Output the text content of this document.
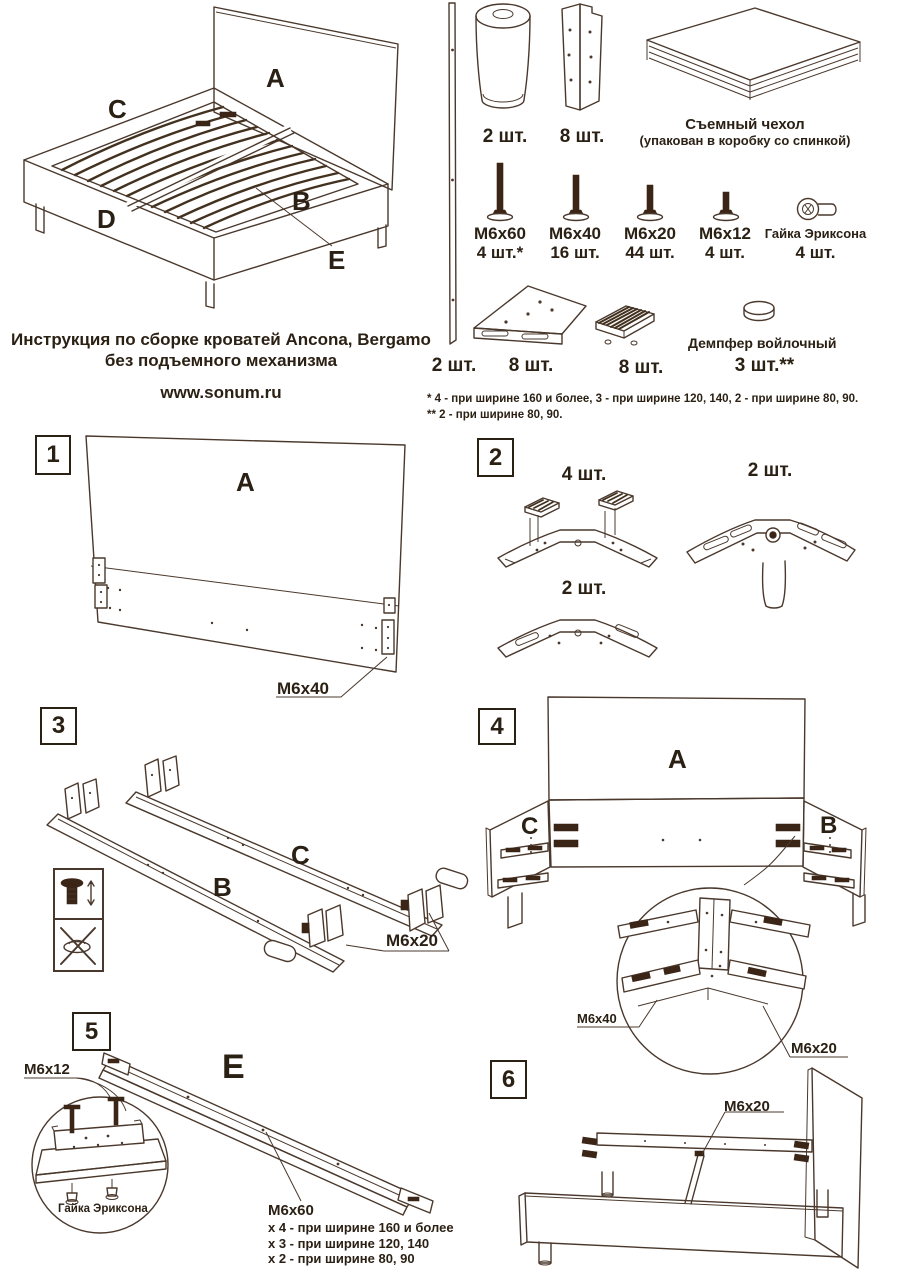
A
C
B
D
E
Инструкция по сборке кроватей Ancona, Bergamo
без подъемного механизма
www.sonum.ru
2 шт.
2 шт.	8 шт.
Съемный чехол
(упакован в коробку со спинкой)
M6x60
4 шт.*
M6x40
16 шт.
M6x20
44 шт.
M6x12
4 шт.
Гайка Эриксона
4 шт.
8 шт.	8 шт.
Демпфер войлочный
3 шт.**
* 4 - при ширине 160 и более, 3 - при ширине 120, 140, 2 - при ширине 80, 90.
** 2 - при ширине 80, 90.
1
A
M6x40
2
4 шт.	2 шт.
2 шт.
3
B
C
M6x20
4
A
C	B
M6x40
M6x20
5
E
M6x12
Гайка Эриксона	M6x60
x 4 - при ширине 160 и более
x 3 - при ширине 120, 140
x 2 - при ширине 80, 90
6
M6x20
